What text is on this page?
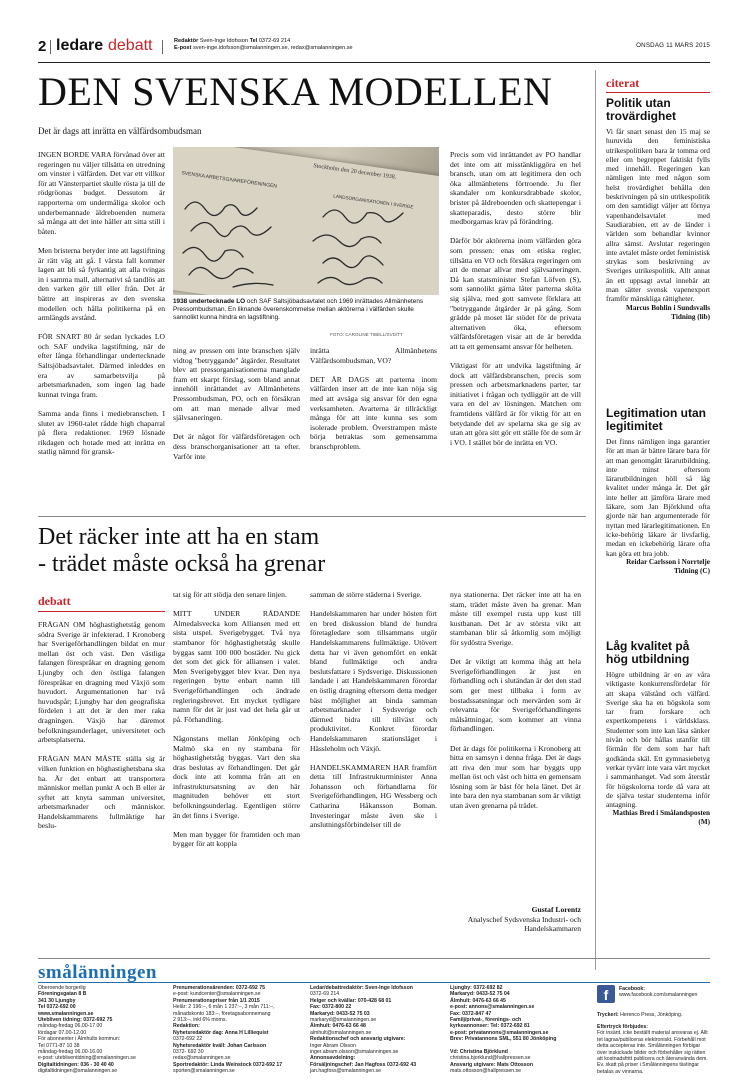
2 ledare debatt	Redaktör Sven-Inge Idofsson Tel 0372-69 214
E-post sven-inge.idofsson@smalanningen.se, redax@smalanningen.se	ONSDAG 11 MARS 2015
DEN SVENSKA MODELLEN
Det är dags att inrätta en välfärdsombudsman

INGEN BORDE VARA förvånad över att regeringen nu väljer tillsätta en utredning om vinster i välfärden. Det var ett villkor för att Vänsterpartiet skulle rösta ja till de rödgröonas budget. Dessutom är rapporterna om undermåliga skolor och underbemannade äldreboenden numera så många att det inte håller att sitta still i båten.

Men bristerna betyder inte att lagstiftning är rätt väg att gå. I värsta fall kommer lagen att bli så fyrkantig att alla tvingas in i samma mall, alternativt så tandlös att den varken gör till eller från. Det är bättre att inspireras av den svenska modellen och hålla politikerna på en armlängds avstånd.

FÖR SNART 80 år sedan lyckades LO och SAF undvika lagstiftning, när de efter långa förhandlingar undertecknade Saltsjöbadsavtalet. Därmed inleddes en era av samarbetsvilja på arbetsmarknaden, som ingen lag hade kunnat tvinga fram.

Samma anda finns i mediebranschen. I slutet av 1960-talet rådde high chaparral på flera redaktioner. 1969 lösnade rikdagen och hotade med att inrätta en statlig nämnd för gransk-

SVENSKA ARBETSGIVAREFÖRENINGEN	Stockholm den 20 december 1938.
LANDSORGANISATIONEN I SVERIGE
1938 undertecknade LO och SAF Saltsjöbadsavtalet och 1969 inrättades Allmänhetens Pressombudsman. En liknande överenskommelse mellan aktörerna i välfärden skulle sannolikt kunna hindra en lagstiftning.
FOTO: CAROLINE TIBELL/SVD/TT

ning av pressen om inte branschen själv vidtog "betryggande" åtgärder. Resultatet blev att pressorganisationerna manglade fram ett skarpt förslag, som bland annat innehöll inrättandet av Allmänhetens Pressombudsman, PO, och en försäkran om att man menade allvar med självsaneringen.

Det är något för välfärdsföretagen och dess branschorganisationer att ta efter. Varför inte

inrätta Allmänhetens Välfärdsombudsman, VO?

DET ÄR DAGS att parterna inom välfärden inser att de inte kan nöja sig med att avsäga sig ansvar för den egna verksamheten. Avarterna är tillräckligt många för att inte kunna ses som isolerade problem. Överstrampen måste börja betraktas som gemensamma branschproblem.

Precis som vid inrättandet av PO handlar det inte om att misstänkliggöra en hel bransch, utan om att legitimera den och öka allmänhetens förtroende. Ju fler skandaler om konkursdrabbade skolor, brister på äldreboenden och skattepengar i skatteparadis, desto större blir medborgarnas krav på förändring.

Därför bör aktörerna inom välfärden göra som pressen: enas om etiska regler, tillsätta en VO och försäkra regeringen om att de menar allvar med självsaneringen. Då kan statsminister Stefan Löfven (S), som sannolikt gärna låter parterna sköta sig själva, med gott samvete förklara att "betryggande åtgärder är på gång. Som grädde på moset lär stödet för de privata alternativen öka, eftersom välfärdsföretagen visar att de är beredda att ta ett gemensamt ansvar för helheten.

Viktigast för att undvika lagstiftning är dock att välfärdsbranschen, precis som pressen och arbetsmarknadens parter, tar initiativet i frågan och tydliggör att de vill vara en del av lösningen. Matchen om framtidens välfärd är för viktig för att en betydande del av spelarna ska ge sig av utan att göra sitt gör ett ställe för de som är i VO. I stället bör de inrätta en VO.

Det räcker inte att ha en stam
- trädet måste också ha grenar
debatt

FRÅGAN OM höghastighetståg genom södra Sverige är infekterad. I Kronoberg har Sverigeförhandlingen bildat en mur mellan öst och väst. Den västliga falangen förespråkar en dragning genom Ljungby och den östliga falangen förespråkar en dragning med Växjö som huvudort. Argumentationen har två huvudspår; Ljungby har den geografiska fördelen i att det är den mer raka dragningen. Växjö har däremot befolkningsunderlaget, universitetet och arbetsplatserna.

FRÅGAN MAN MÅSTE ställa sig är vilken funktion en höghastighetsbana ska ha. Är det enbart att transportera människor mellan punkt A och B eller är syftet att knyta samman universitet, arbetsmarknader och människor. Handelskammarens fullmäktige har beslu-

tat sig för att stödja den senare linjen.

MITT UNDER RÅDANDE Almedalsvecka kom Alliansen med ett sista utspel. Sverigebygget. Två nya stambanor för höghastighetståg skulle byggas samt 100 000 bostäder. Nu gick det som det gick för alliansen i valet. Men Sverigebygget blev kvar. Den nya regeringen bytte enbart namn till Sverigeförhandlingen och ändrade regleringsbrevet. Ett mycket tydligare namn för det är just vad det hela går ut på. Förhandling.

Någonstans mellan Jönköping och Malmö ska en ny stambana för höghastighetståg byggas. Vart den ska dras beslutas av förhandlingen. Det går dock inte att komma från att en infrastruktursatsning av den här magnituden behöver ett stort befolkningsunderlag. Egentligen större än det finns i Sverige.

Men man bygger för framtiden och man bygger för att koppla

samman de större städerna i Sverige.

Handelskammaren har under hösten fört en bred diskussion bland de hundra företagledare som tillsammans utgör Handelskammarens fullmäktige. Utövert detta har vi även genomfört en enkät bland fullmäktige och andra beslutsfattare i Sydsverige. Diskussionen landade i att Handelskammaren förordar en östlig dragning eftersom detta medger bäst möjlighet att binda samman arbetsmarknader i Sydsverige och därmed bidra till tillväxt och produktivitet. Konkret förordar Handelskammaren stationsläget i Hässleholm och Växjö.

HANDELSKAMMAREN HAR framfört detta till Infrastrukturminister Anna Johansson och förhandlarna för Sverigeförhandlingen, HG Wessberg och Catharina Håkansson Boman. Investeringar måste även ske i anslutningsförbindelser till de

nya stationerna. Det räcker inte att ha en stam, trädet måste även ha grenar. Man måste till exempel rusta upp kust till kustbanan. Det är av största vikt att stambanan blir så åtkomlig som möjligt för sydöstra Sverige.

Det är viktigt att komma ihåg att hela Sverigeförhandlingen är just en förhandling och i slutändan är det den stad som ger mest tillbaka i form av bostadssatsningar och mervärden som är relevanta för Sverigeförhandlingens målsättningar, som kommer att vinna förhandlingen.

Det är dags för politikerna i Kronoberg att hitta en samsyn i denna fråga. Det är dags att riva den mur som har byggts upp mellan öst och väst och hitta en gemensam lösning som är bäst för hela länet. Det är inte bara den nya stambanan som är viktigt utan även grenarna på trädet.

Gustaf Lorentz
Analyschef Sydsvenska Industri- och Handelskammaren
citerat
Politik utan trovärdighet
Vi får snart senast den 15 maj se huruvida den feministiska utrikespolitiken bara är tomma ord eller om begreppet faktiskt fylls med innehåll. Regeringen kan nämligen inte med någon som helst trovärdighet behålla den beskrivningen på sin utrikespolitik om den samtidigt väljer att förnya vapenhandelsavtalet med Saudiarabien, ett av de länder i världen som behandlar kvinnor allra sämst. Avslutar regeringen inte avtalet måste ordet feministisk strykas som beskrivning av Sveriges utrikespolitik. Allt annat än ett uppsagt avtal innebär att man sätter svensk vapenexport framför mänskliga rättigheter.
Marcus Bohlin i Sundsvalls Tidning (lib)
Legitimation utan legitimitet
Det finns nämligen inga garantier för att man är bättre lärare bara för att man genomgått lärarutbildning, inte minst eftersom lärarutbildningen höll så låg kvalitet under många år. Det går inte heller att jämföra lärare med läkare, som Jan Björklund ofta gjorde när han argumenterade för nyttan med lärarlegitimationen. En icke-behörig läkare är livsfarlig, medan en ickebehörig lärare ofta kan göra ett bra jobb.
Reidar Carlsson i Norrtelje Tidning (C)
Låg kvalitet på hög utbildning
Högre utbildning är en av våra viktigaste konkurrensfördelar för att skapa välstånd och välfärd. Sverige ska ha en högskola som tar fram forskare och expertkompetens i världsklass. Studenter som inte kan läsa sänker nivån och bör hållas utanför till förmån för dem som har haft godkända skäl. Ett gymnasiebetyg verkar tyvärr inte vara värt mycket i sammanhanget. Vad som återstår för högskolorna torde då vara att de själva testar studenterna inför antagning.
Mathias Bred i Smålandsposten (M)
smålänningen
Oberoende borgerlig
Föreningsgatan 8 B
341 30 Ljungby
Tel 0372-692 00
www.smalanningen.se
Utebliven tidning: 0372-692 75
måndag-fredag 06.00-17.00
lördagar 07.00-12.00
För abonnenter i Älmhults kommun:
Tel 0771-87 10 38
måndag-fredag 06.00-16.00
e-post: utebliventidning@smalanningen.se
Digitaltidningen: 036 - 30 40 40
digitaltidningen@smalanningen.se
Prenumerationsärenden: 0372-692 75
e-post: kundcenter@smalanningen.se
Prenumerationspriser från 1/1 2015
Helår: 2 196:–, 6 mån 1 237:–, 3 mån 711:–,
månadskonto 183:–, företagsabonnemang
2 913:–, inkl 6% moms.
Redaktion:
Nyhetsredaktör dag: Anna H Lilliequist
0372-692 22
Nyhetsredaktör kväll: Johan Carlsson
0372- 692 30
redax@smalanningen.se
Sportredaktör: Linda Weinstock 0372-692 17
sporten@smalanningen.se
Ledar/debattredaktör: Sven-Inge Idofsson
0372-69 214
Helger och kvällar: 070-428 68 01
Fax: 0372-800 22
Markaryd: 0433-52 75 03
markaryd@smalanningen.se
Älmhult: 0476-63 66 48
almhult@smalanningen.se
Redaktionschef och ansvarig utgivare:
Inger Abram Olsson
inger.abram.olsson@smalanningen.se
Annonsavdelning:
Försäljningschef: Jan Hagfoss 0372-692 43
jan.hagfoss@smalanningen.se
Ljungby: 0372-692 82
Markaryd: 0433-52 75 04
Älmhult: 0476-63 66 45
e-post: annons@smalanningen.se
Fax: 0372-847 47
Familj/privat-, förenings- och
kyrkoannonser: Tel: 0372-692 81
e-post: privatannons@smalanningen.se
Brev: Privatannons SML, 551 80 Jönköping
Vd: Christina Björklund
christina.bjorklund@hallpressen.se
Ansvarig utgivare: Mats Ottosson
mats.ottosson@hallpressen.se
f	Facebook:
www.facebook.com/smalanningen
Tryckeri: Herenco Press, Jönköping.
Eftertryck förbjudes:
För insänt, icke beställt material ansvaras ej. Allt tet lagras/publiceras elektroniskt. Förbehåll mot detta accepteras inte. Smålänningen förbigar över inskickade bilder och förbehåller sig rätten att kostnadsfritt publicera och återanvända dem. Ev. skatt på priser i Smålänningens tävlingar betalas av vinnarna.
